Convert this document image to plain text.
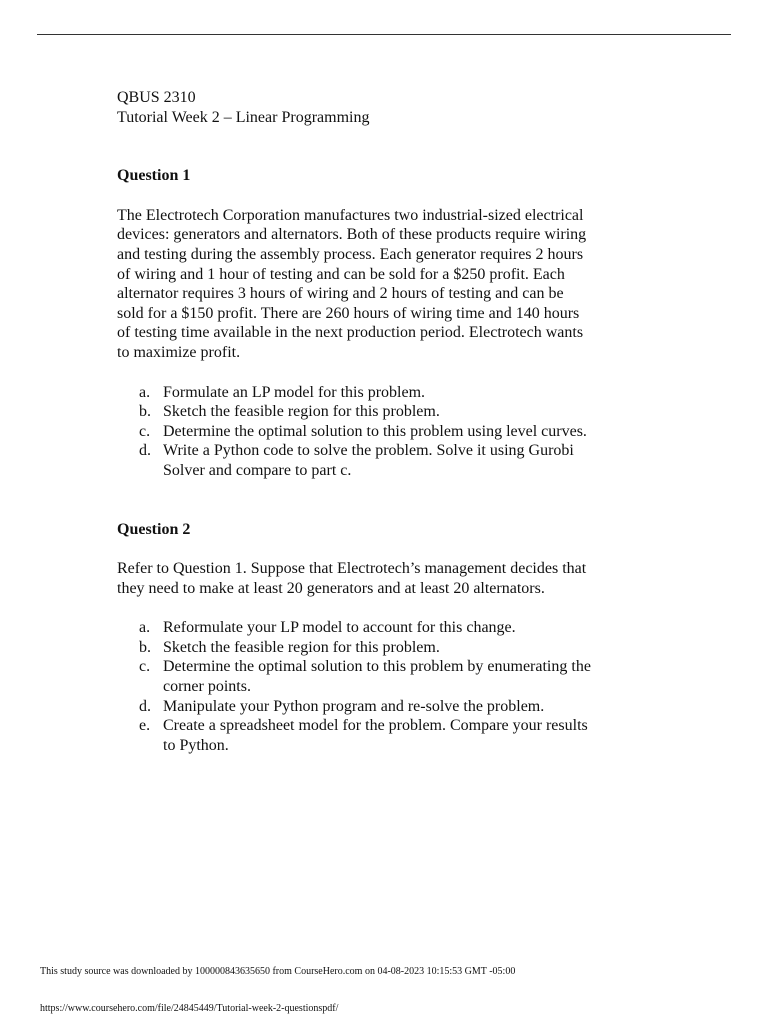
QBUS 2310
Tutorial Week 2 – Linear Programming
Question 1

The Electrotech Corporation manufactures two industrial-sized electrical
devices: generators and alternators. Both of these products require wiring
and testing during the assembly process. Each generator requires 2 hours
of wiring and 1 hour of testing and can be sold for a $250 profit. Each
alternator requires 3 hours of wiring and 2 hours of testing and can be
sold for a $150 profit. There are 260 hours of wiring time and 140 hours
of testing time available in the next production period. Electrotech wants
to maximize profit.

a. Formulate an LP model for this problem.
b. Sketch the feasible region for this problem.
c. Determine the optimal solution to this problem using level curves.
d. Write a Python code to solve the problem. Solve it using Gurobi
Solver and compare to part c.
Question 2

Refer to Question 1. Suppose that Electrotech’s management decides that
they need to make at least 20 generators and at least 20 alternators.

a. Reformulate your LP model to account for this change.
b. Sketch the feasible region for this problem.
c. Determine the optimal solution to this problem by enumerating the
corner points.
d. Manipulate your Python program and re-solve the problem.
e. Create a spreadsheet model for the problem. Compare your results
to Python.
This study source was downloaded by 100000843635650 from CourseHero.com on 04-08-2023 10:15:53 GMT -05:00
https://www.coursehero.com/file/24845449/Tutorial-week-2-questionspdf/
